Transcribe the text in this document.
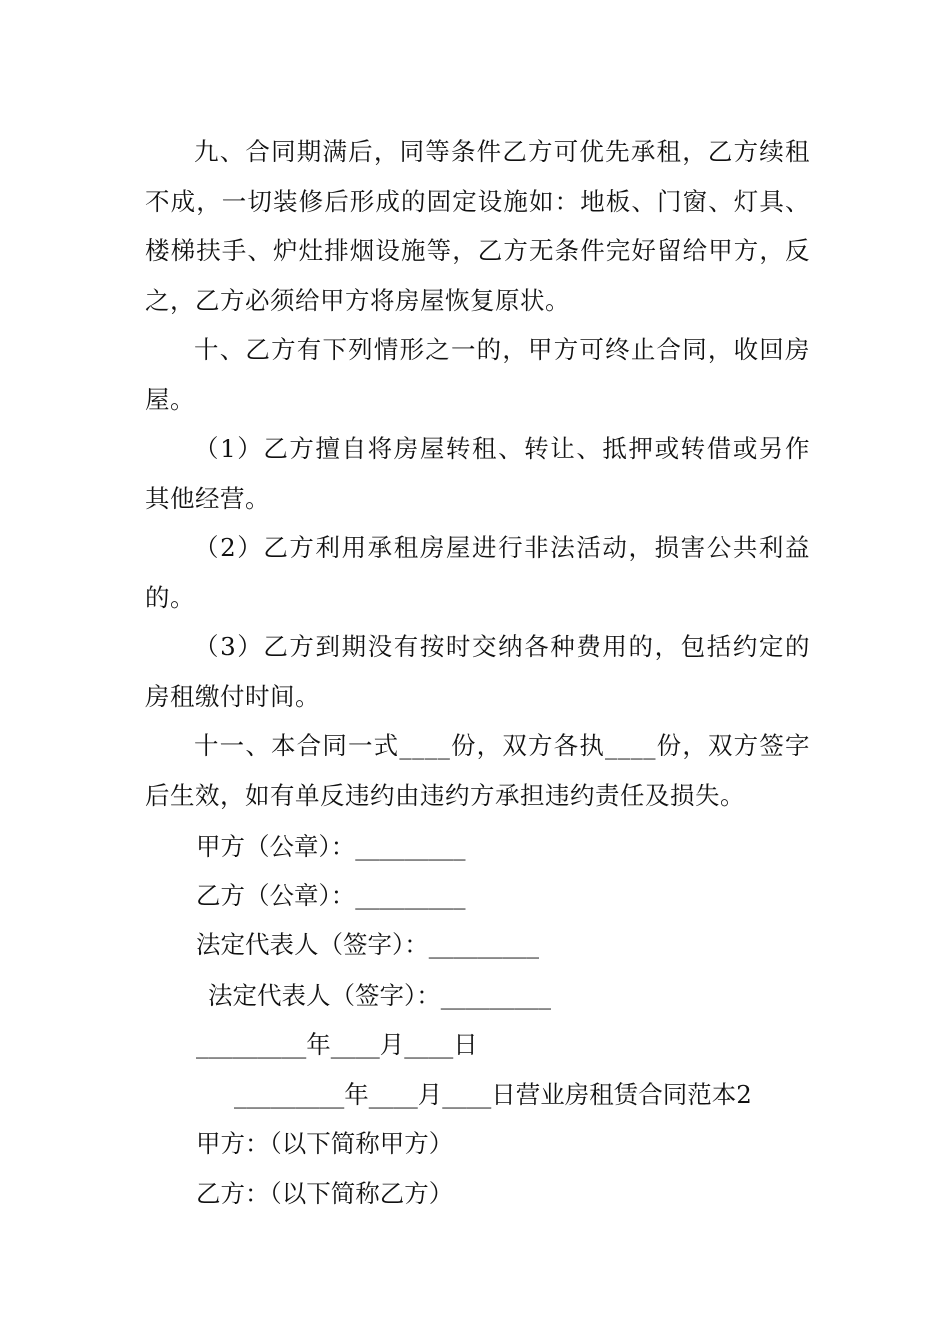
九、合同期满后，同等条件乙方可优先承租，乙方续租不成，一切装修后形成的固定设施如：地板、门窗、灯具、楼梯扶手、炉灶排烟设施等，乙方无条件完好留给甲方，反之，乙方必须给甲方将房屋恢复原状。

十、乙方有下列情形之一的，甲方可终止合同，收回房屋。

（1）乙方擅自将房屋转租、转让、抵押或转借或另作其他经营。

（2）乙方利用承租房屋进行非法活动，损害公共利益的。

（3）乙方到期没有按时交纳各种费用的，包括约定的房租缴付时间。

十一、本合同一式____份，双方各执____份，双方签字后生效，如有单反违约由违约方承担违约责任及损失。

甲方（公章）：_________

乙方（公章）：_________

法定代表人（签字）：_________

法定代表人（签字）：_________

_________年____月____日

_________年____月____日营业房租赁合同范本2

甲方：（以下简称甲方）

乙方：（以下简称乙方）
